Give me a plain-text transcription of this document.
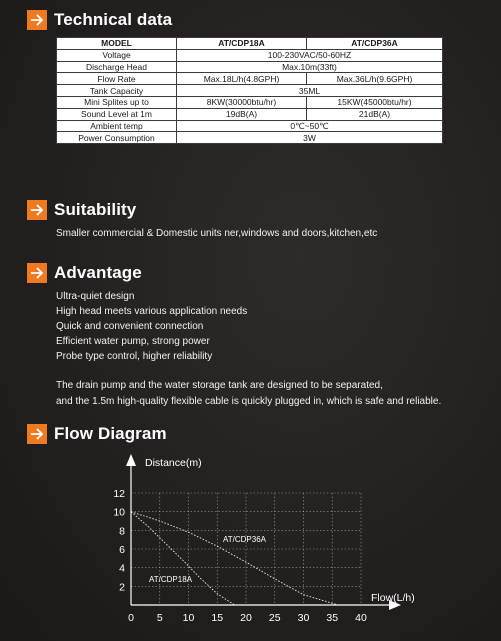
Technical data
MODEL	AT/CDP18A	AT/CDP36A
Voltage	100-230VAC/50-60HZ	
Discharge Head	Max.10m(33ft)	
Flow Rate	Max.18L/h(4.8GPH)	Max.36L/h(9.6GPH)
Tank Capacity	35ML	
Mini Splites up to	8KW(30000btu/hr)	15KW(45000btu/hr)
Sound Level at 1m	19dB(A)	21dB(A)
Ambient temp	0℃~50℃	
Power Consumption	3W	
Suitability
Smaller commercial & Domestic units ner,windows and doors,kitchen,etc
Advantage
Ultra-quiet design
High head meets various application needs
Quick and convenient connection
Efficient water pump, strong power
Probe type control, higher reliability
The drain pump and the water storage tank are designed to be separated,
and the 1.5m high-quality flexible cable is quickly plugged in, which is safe and reliable.
Flow Diagram
Distance(m)
Flow(L/h)
0 5 10 15 20 25 30 35 40
2
4
6
8
10
12
AT/CDP18A
AT/CDP36A
